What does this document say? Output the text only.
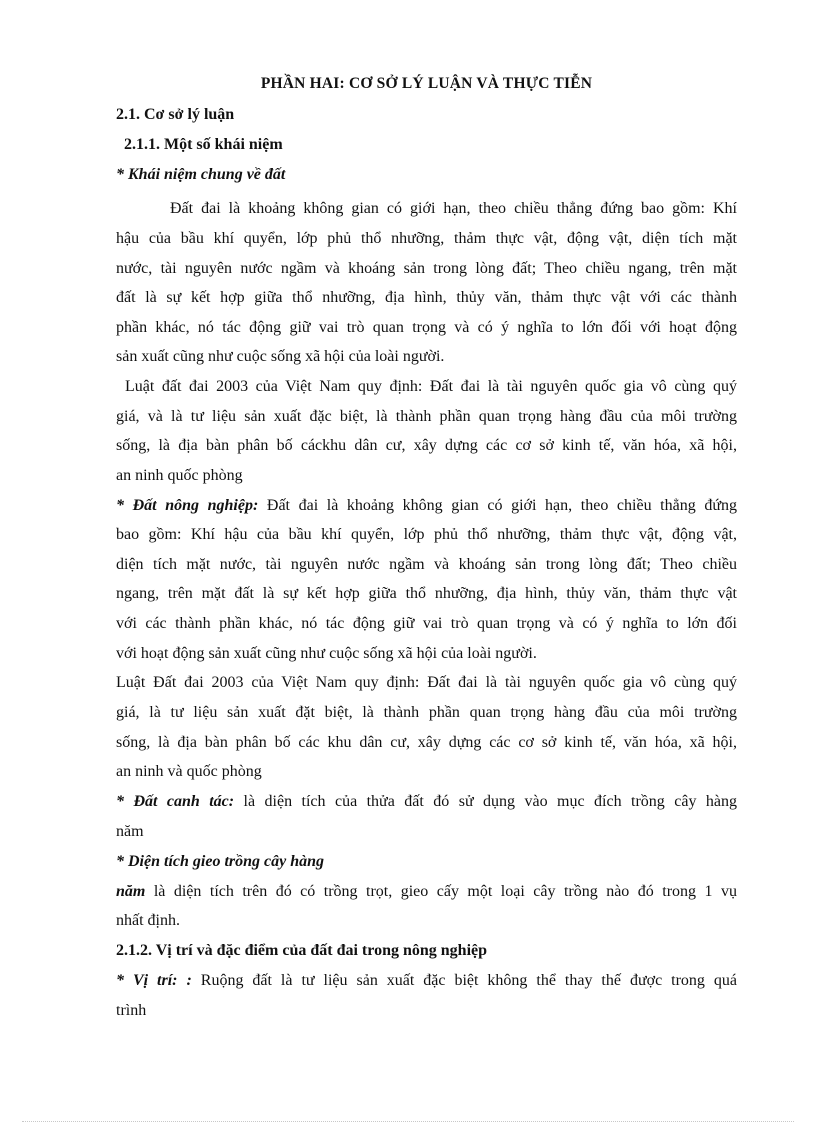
PHẦN HAI: CƠ SỞ LÝ LUẬN VÀ THỰC TIỄN
2.1. Cơ sở lý luận
2.1.1. Một số khái niệm
* Khái niệm chung về đất
Đất đai là khoảng không gian có giới hạn, theo chiều thẳng đứng bao gồm: Khí
hậu của bầu khí quyển, lớp phủ thổ nhưỡng, thảm thực vật, động vật, diện tích mặt
nước, tài nguyên nước ngầm và khoáng sản trong lòng đất; Theo chiều ngang, trên mặt
đất là sự kết hợp giữa thổ nhưỡng, địa hình, thủy văn, thảm thực vật với các thành
phần khác, nó tác động giữ vai trò quan trọng và có ý nghĩa to lớn đối với hoạt động
sản xuất cũng như cuộc sống xã hội của loài người.
Luật đất đai 2003 của Việt Nam quy định: Đất đai là tài nguyên quốc gia vô cùng quý
giá, và là tư liệu sản xuất đặc biệt, là thành phần quan trọng hàng đầu của môi trường
sống, là địa bàn phân bố cáckhu dân cư, xây dựng các cơ sở kinh tế, văn hóa, xã hội,
an ninh quốc phòng
* Đất nông nghiệp: Đất đai là khoảng không gian có giới hạn, theo chiều thẳng đứng
bao gồm: Khí hậu của bầu khí quyển, lớp phủ thổ nhưỡng, thảm thực vật, động vật,
diện tích mặt nước, tài nguyên nước ngầm và khoáng sản trong lòng đất; Theo chiều
ngang, trên mặt đất là sự kết hợp giữa thổ nhưỡng, địa hình, thủy văn, thảm thực vật
với các thành phần khác, nó tác động giữ vai trò quan trọng và có ý nghĩa to lớn đối
với hoạt động sản xuất cũng như cuộc sống xã hội của loài người.
Luật Đất đai 2003 của Việt Nam quy định: Đất đai là tài nguyên quốc gia vô cùng quý
giá, là tư liệu sản xuất đặt biệt, là thành phần quan trọng hàng đầu của môi trường
sống, là địa bàn phân bố các khu dân cư, xây dựng các cơ sở kinh tế, văn hóa, xã hội,
an ninh và quốc phòng
* Đất canh tác: là diện tích của thửa đất đó sử dụng vào mục đích trồng cây hàng
năm
* Diện tích gieo trồng cây hàng
năm là diện tích trên đó có trồng trọt, gieo cấy một loại cây trồng nào đó trong 1 vụ
nhất định.
2.1.2. Vị trí và đặc điểm của đất đai trong nông nghiệp
* Vị trí: : Ruộng đất là tư liệu sản xuất đặc biệt không thể thay thế được trong quá
trình
